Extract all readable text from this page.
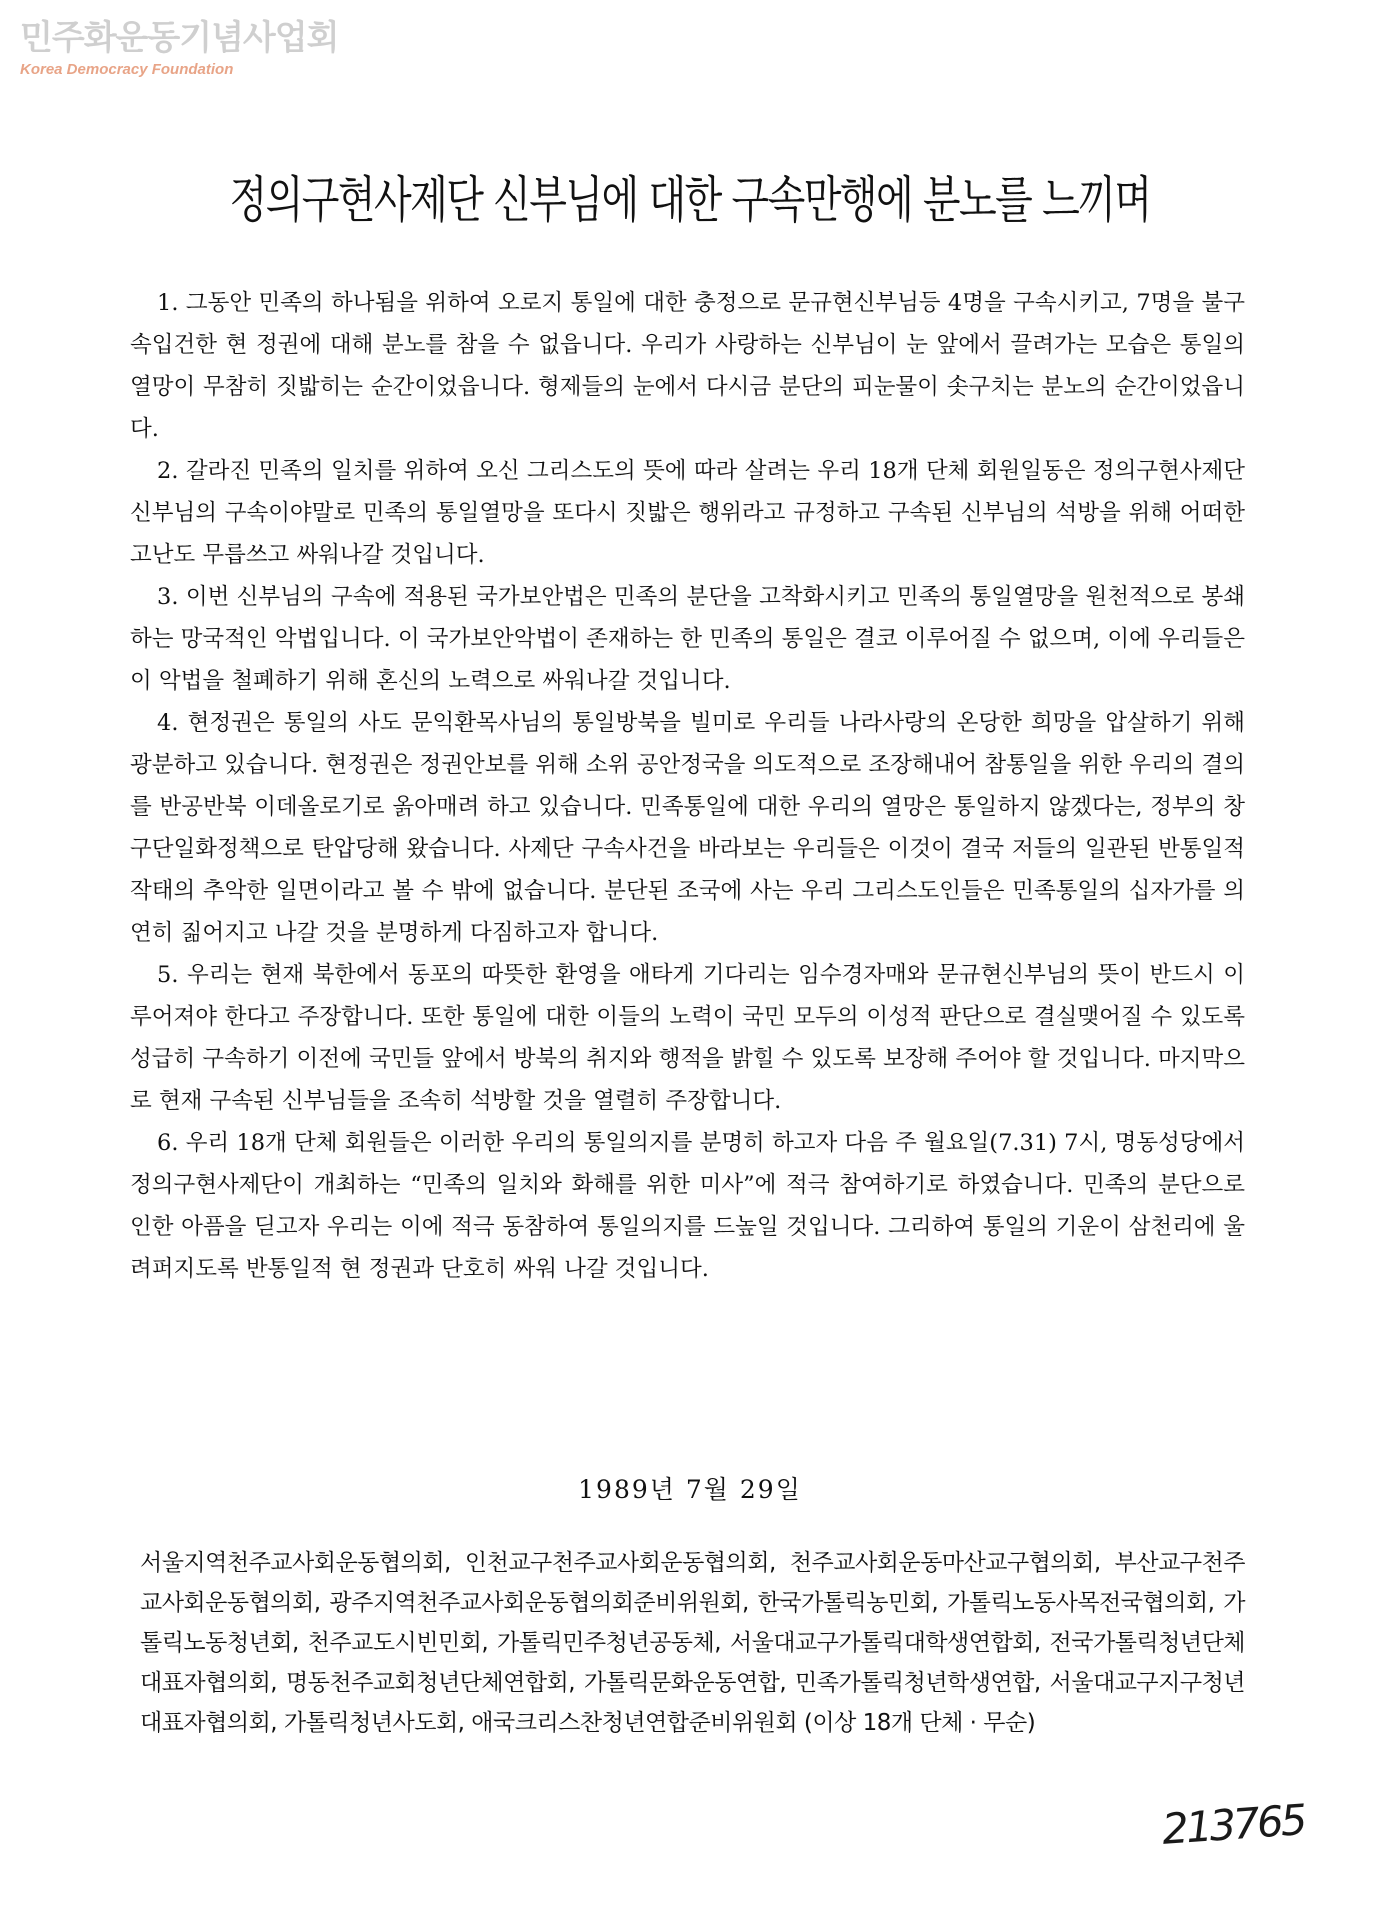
민주화운동기념사업회
Korea Democracy Foundation
정의구현사제단 신부님에 대한 구속만행에 분노를 느끼며

1. 그동안 민족의 하나됨을 위하여 오로지 통일에 대한 충정으로 문규현신부님등 4명을 구속시키고, 7명을 불구속입건한 현 정권에 대해 분노를 참을 수 없읍니다. 우리가 사랑하는 신부님이 눈 앞에서 끌려가는 모습은 통일의 열망이 무참히 짓밟히는 순간이었읍니다. 형제들의 눈에서 다시금 분단의 피눈물이 솟구치는 분노의 순간이었읍니다.

2. 갈라진 민족의 일치를 위하여 오신 그리스도의 뜻에 따라 살려는 우리 18개 단체 회원일동은 정의구현사제단 신부님의 구속이야말로 민족의 통일열망을 또다시 짓밟은 행위라고 규정하고 구속된 신부님의 석방을 위해 어떠한 고난도 무릅쓰고 싸워나갈 것입니다.

3. 이번 신부님의 구속에 적용된 국가보안법은 민족의 분단을 고착화시키고 민족의 통일열망을 원천적으로 봉쇄하는 망국적인 악법입니다. 이 국가보안악법이 존재하는 한 민족의 통일은 결코 이루어질 수 없으며, 이에 우리들은 이 악법을 철폐하기 위해 혼신의 노력으로 싸워나갈 것입니다.

4. 현정권은 통일의 사도 문익환목사님의 통일방북을 빌미로 우리들 나라사랑의 온당한 희망을 압살하기 위해 광분하고 있습니다. 현정권은 정권안보를 위해 소위 공안정국을 의도적으로 조장해내어 참통일을 위한 우리의 결의를 반공반북 이데올로기로 옭아매려 하고 있습니다. 민족통일에 대한 우리의 열망은 통일하지 않겠다는, 정부의 창구단일화정책으로 탄압당해 왔습니다. 사제단 구속사건을 바라보는 우리들은 이것이 결국 저들의 일관된 반통일적 작태의 추악한 일면이라고 볼 수 밖에 없습니다. 분단된 조국에 사는 우리 그리스도인들은 민족통일의 십자가를 의연히 짊어지고 나갈 것을 분명하게 다짐하고자 합니다.

5. 우리는 현재 북한에서 동포의 따뜻한 환영을 애타게 기다리는 임수경자매와 문규현신부님의 뜻이 반드시 이루어져야 한다고 주장합니다. 또한 통일에 대한 이들의 노력이 국민 모두의 이성적 판단으로 결실맺어질 수 있도록 성급히 구속하기 이전에 국민들 앞에서 방북의 취지와 행적을 밝힐 수 있도록 보장해 주어야 할 것입니다. 마지막으로 현재 구속된 신부님들을 조속히 석방할 것을 열렬히 주장합니다.

6. 우리 18개 단체 회원들은 이러한 우리의 통일의지를 분명히 하고자 다음 주 월요일(7.31) 7시, 명동성당에서 정의구현사제단이 개최하는 “민족의 일치와 화해를 위한 미사”에 적극 참여하기로 하였습니다. 민족의 분단으로 인한 아픔을 딛고자 우리는 이에 적극 동참하여 통일의지를 드높일 것입니다. 그리하여 통일의 기운이 삼천리에 울려퍼지도록 반통일적 현 정권과 단호히 싸워 나갈 것입니다.

1989년 7월 29일
서울지역천주교사회운동협의회, 인천교구천주교사회운동협의회, 천주교사회운동마산교구협의회, 부산교구천주교사회운동협의회, 광주지역천주교사회운동협의회준비위원회, 한국가톨릭농민회, 가톨릭노동사목전국협의회, 가톨릭노동청년회, 천주교도시빈민회, 가톨릭민주청년공동체, 서울대교구가톨릭대학생연합회, 전국가톨릭청년단체대표자협의회, 명동천주교회청년단체연합회, 가톨릭문화운동연합, 민족가톨릭청년학생연합, 서울대교구지구청년대표자협의회, 가톨릭청년사도회, 애국크리스찬청년연합준비위원회 (이상 18개 단체 · 무순)
213765
